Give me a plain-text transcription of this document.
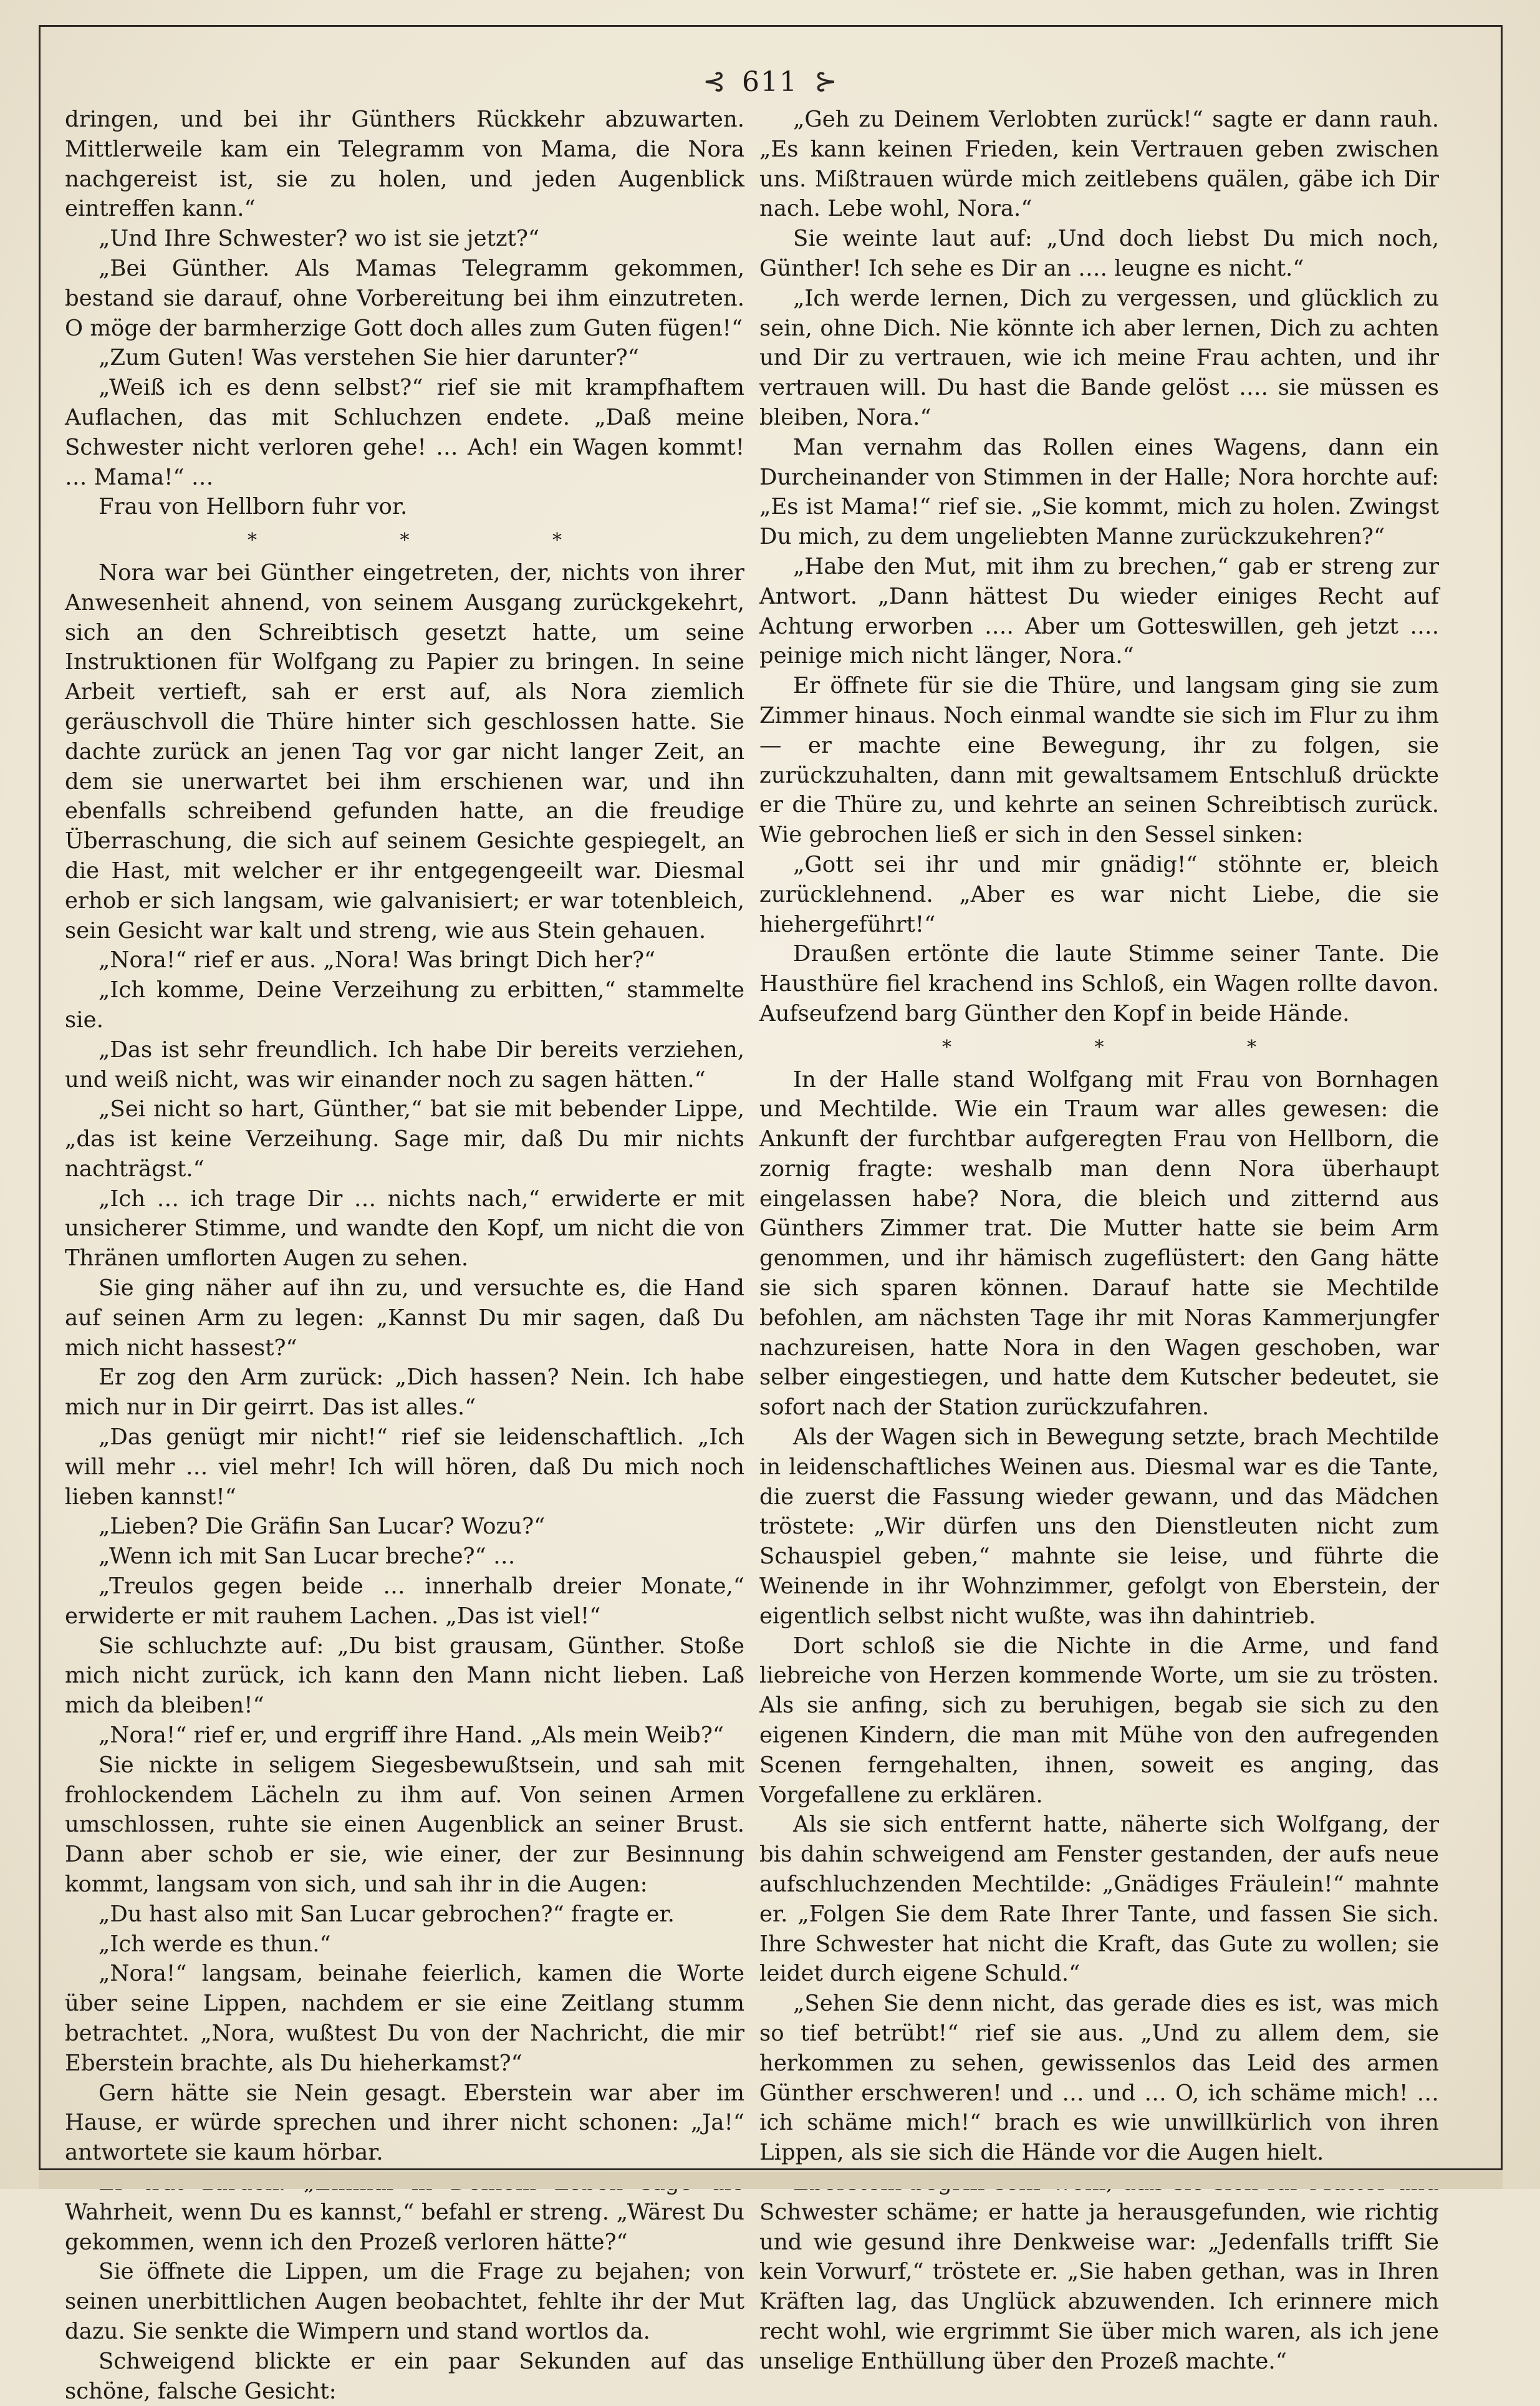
⊰ 611 ⊱

dringen, und bei ihr Günthers Rückkehr abzuwarten. Mittlerweile kam ein Telegramm von Mama, die Nora nachgereist ist, sie zu holen, und jeden Augenblick eintreffen kann.“

„Und Ihre Schwester? wo ist sie jetzt?“

„Bei Günther. Als Mamas Telegramm gekommen, bestand sie darauf, ohne Vorbereitung bei ihm einzutreten. O möge der barmherzige Gott doch alles zum Guten fügen!“

„Zum Guten! Was verstehen Sie hier darunter?“

„Weiß ich es denn selbst?“ rief sie mit krampfhaftem Auflachen, das mit Schluchzen endete. „Daß meine Schwester nicht verloren gehe! … Ach! ein Wagen kommt! … Mama!“ …

Frau von Hellborn fuhr vor.

* * *

Nora war bei Günther eingetreten, der, nichts von ihrer Anwesenheit ahnend, von seinem Ausgang zurückgekehrt, sich an den Schreibtisch gesetzt hatte, um seine Instruktionen für Wolfgang zu Papier zu bringen. In seine Arbeit vertieft, sah er erst auf, als Nora ziemlich geräuschvoll die Thüre hinter sich geschlossen hatte. Sie dachte zurück an jenen Tag vor gar nicht langer Zeit, an dem sie unerwartet bei ihm erschienen war, und ihn ebenfalls schreibend gefunden hatte, an die freudige Überraschung, die sich auf seinem Gesichte gespiegelt, an die Hast, mit welcher er ihr entgegengeeilt war. Diesmal erhob er sich langsam, wie galvanisiert; er war totenbleich, sein Gesicht war kalt und streng, wie aus Stein gehauen.

„Nora!“ rief er aus. „Nora! Was bringt Dich her?“

„Ich komme, Deine Verzeihung zu erbitten,“ stammelte sie.

„Das ist sehr freundlich. Ich habe Dir bereits verziehen, und weiß nicht, was wir einander noch zu sagen hätten.“

„Sei nicht so hart, Günther,“ bat sie mit bebender Lippe, „das ist keine Verzeihung. Sage mir, daß Du mir nichts nachträgst.“

„Ich … ich trage Dir … nichts nach,“ erwiderte er mit unsicherer Stimme, und wandte den Kopf, um nicht die von Thränen umflorten Augen zu sehen.

Sie ging näher auf ihn zu, und versuchte es, die Hand auf seinen Arm zu legen: „Kannst Du mir sagen, daß Du mich nicht hassest?“

Er zog den Arm zurück: „Dich hassen? Nein. Ich habe mich nur in Dir geirrt. Das ist alles.“

„Das genügt mir nicht!“ rief sie leidenschaftlich. „Ich will mehr … viel mehr! Ich will hören, daß Du mich noch lieben kannst!“

„Lieben? Die Gräfin San Lucar? Wozu?“

„Wenn ich mit San Lucar breche?“ …

„Treulos gegen beide … innerhalb dreier Monate,“ erwiderte er mit rauhem Lachen. „Das ist viel!“

Sie schluchzte auf: „Du bist grausam, Günther. Stoße mich nicht zurück, ich kann den Mann nicht lieben. Laß mich da bleiben!“

„Nora!“ rief er, und ergriff ihre Hand. „Als mein Weib?“

Sie nickte in seligem Siegesbewußtsein, und sah mit frohlockendem Lächeln zu ihm auf. Von seinen Armen umschlossen, ruhte sie einen Augenblick an seiner Brust. Dann aber schob er sie, wie einer, der zur Besinnung kommt, langsam von sich, und sah ihr in die Augen:

„Du hast also mit San Lucar gebrochen?“ fragte er.

„Ich werde es thun.“

„Nora!“ langsam, beinahe feierlich, kamen die Worte über seine Lippen, nachdem er sie eine Zeitlang stumm betrachtet. „Nora, wußtest Du von der Nachricht, die mir Eberstein brachte, als Du hieherkamst?“

Gern hätte sie Nein gesagt. Eberstein war aber im Hause, er würde sprechen und ihrer nicht schonen: „Ja!“ antwortete sie kaum hörbar.

Wahrheit, wenn Du es kannst,“ befahl er streng. „Wärest Du gekommen, wenn ich den Prozeß verloren hätte?“

Sie öffnete die Lippen, um die Frage zu bejahen; von seinen unerbittlichen Augen beobachtet, fehlte ihr der Mut dazu. Sie senkte die Wimpern und stand wortlos da.

Schweigend blickte er ein paar Sekunden auf das schöne, falsche Gesicht:

„Geh zu Deinem Verlobten zurück!“ sagte er dann rauh. „Es kann keinen Frieden, kein Vertrauen geben zwischen uns. Mißtrauen würde mich zeitlebens quälen, gäbe ich Dir nach. Lebe wohl, Nora.“

Sie weinte laut auf: „Und doch liebst Du mich noch, Günther! Ich sehe es Dir an …. leugne es nicht.“

„Ich werde lernen, Dich zu vergessen, und glücklich zu sein, ohne Dich. Nie könnte ich aber lernen, Dich zu achten und Dir zu vertrauen, wie ich meine Frau achten, und ihr vertrauen will. Du hast die Bande gelöst …. sie müssen es bleiben, Nora.“

Man vernahm das Rollen eines Wagens, dann ein Durcheinander von Stimmen in der Halle; Nora horchte auf: „Es ist Mama!“ rief sie. „Sie kommt, mich zu holen. Zwingst Du mich, zu dem ungeliebten Manne zurückzukehren?“

„Habe den Mut, mit ihm zu brechen,“ gab er streng zur Antwort. „Dann hättest Du wieder einiges Recht auf Achtung erworben …. Aber um Gotteswillen, geh jetzt …. peinige mich nicht länger, Nora.“

Er öffnete für sie die Thüre, und langsam ging sie zum Zimmer hinaus. Noch einmal wandte sie sich im Flur zu ihm — er machte eine Bewegung, ihr zu folgen, sie zurückzuhalten, dann mit gewaltsamem Entschluß drückte er die Thüre zu, und kehrte an seinen Schreibtisch zurück. Wie gebrochen ließ er sich in den Sessel sinken:

„Gott sei ihr und mir gnädig!“ stöhnte er, bleich zurücklehnend. „Aber es war nicht Liebe, die sie hiehergeführt!“

Draußen ertönte die laute Stimme seiner Tante. Die Hausthüre fiel krachend ins Schloß, ein Wagen rollte davon. Aufseufzend barg Günther den Kopf in beide Hände.

* * *

In der Halle stand Wolfgang mit Frau von Bornhagen und Mechtilde. Wie ein Traum war alles gewesen: die Ankunft der furchtbar aufgeregten Frau von Hellborn, die zornig fragte: weshalb man denn Nora überhaupt eingelassen habe? Nora, die bleich und zitternd aus Günthers Zimmer trat. Die Mutter hatte sie beim Arm genommen, und ihr hämisch zugeflüstert: den Gang hätte sie sich sparen können. Darauf hatte sie Mechtilde befohlen, am nächsten Tage ihr mit Noras Kammerjungfer nachzureisen, hatte Nora in den Wagen geschoben, war selber eingestiegen, und hatte dem Kutscher bedeutet, sie sofort nach der Station zurückzufahren.

Als der Wagen sich in Bewegung setzte, brach Mechtilde in leidenschaftliches Weinen aus. Diesmal war es die Tante, die zuerst die Fassung wieder gewann, und das Mädchen tröstete: „Wir dürfen uns den Dienstleuten nicht zum Schauspiel geben,“ mahnte sie leise, und führte die Weinende in ihr Wohnzimmer, gefolgt von Eberstein, der eigentlich selbst nicht wußte, was ihn dahintrieb.

Dort schloß sie die Nichte in die Arme, und fand liebreiche von Herzen kommende Worte, um sie zu trösten. Als sie anfing, sich zu beruhigen, begab sie sich zu den eigenen Kindern, die man mit Mühe von den aufregenden Scenen ferngehalten, ihnen, soweit es anging, das Vorgefallene zu erklären.

Als sie sich entfernt hatte, näherte sich Wolfgang, der bis dahin schweigend am Fenster gestanden, der aufs neue aufschluchzenden Mechtilde: „Gnädiges Fräulein!“ mahnte er. „Folgen Sie dem Rate Ihrer Tante, und fassen Sie sich. Ihre Schwester hat nicht die Kraft, das Gute zu wollen; sie leidet durch eigene Schuld.“

„Sehen Sie denn nicht, das gerade dies es ist, was mich so tief betrübt!“ rief sie aus. „Und zu allem dem, sie herkommen zu sehen, gewissenlos das Leid des armen Günther erschweren! und … und … O, ich schäme mich! … ich schäme mich!“ brach es wie unwillkürlich von ihren Lippen, als sie sich die Hände vor die Augen hielt.

Schwester schäme; er hatte ja herausgefunden, wie richtig und wie gesund ihre Denkweise war: „Jedenfalls trifft Sie kein Vorwurf,“ tröstete er. „Sie haben gethan, was in Ihren Kräften lag, das Unglück abzuwenden. Ich erinnere mich recht wohl, wie ergrimmt Sie über mich waren, als ich jene unselige Enthüllung über den Prozeß machte.“
